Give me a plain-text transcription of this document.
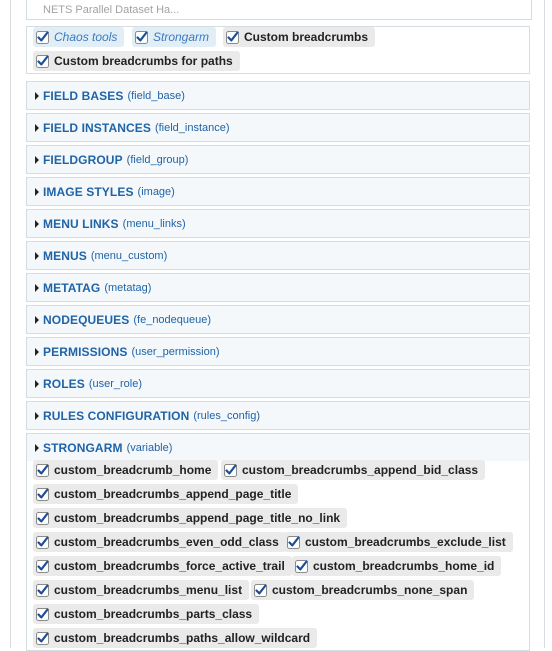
NETS Parallel Dataset Ha...
Chaos tools	Strongarm	Custom breadcrumbs
Custom breadcrumbs for paths
FIELD BASES (field_base)
FIELD INSTANCES (field_instance)
FIELDGROUP (field_group)
IMAGE STYLES (image)
MENU LINKS (menu_links)
MENUS (menu_custom)
METATAG (metatag)
NODEQUEUES (fe_nodequeue)
PERMISSIONS (user_permission)
ROLES (user_role)
RULES CONFIGURATION (rules_config)
STRONGARM (variable)
custom_breadcrumb_home	custom_breadcrumbs_append_bid_class
custom_breadcrumbs_append_page_title
custom_breadcrumbs_append_page_title_no_link
custom_breadcrumbs_even_odd_class custom_breadcrumbs_exclude_list
custom_breadcrumbs_force_active_trail custom_breadcrumbs_home_id
custom_breadcrumbs_menu_list custom_breadcrumbs_none_span
custom_breadcrumbs_parts_class
custom_breadcrumbs_paths_allow_wildcard
